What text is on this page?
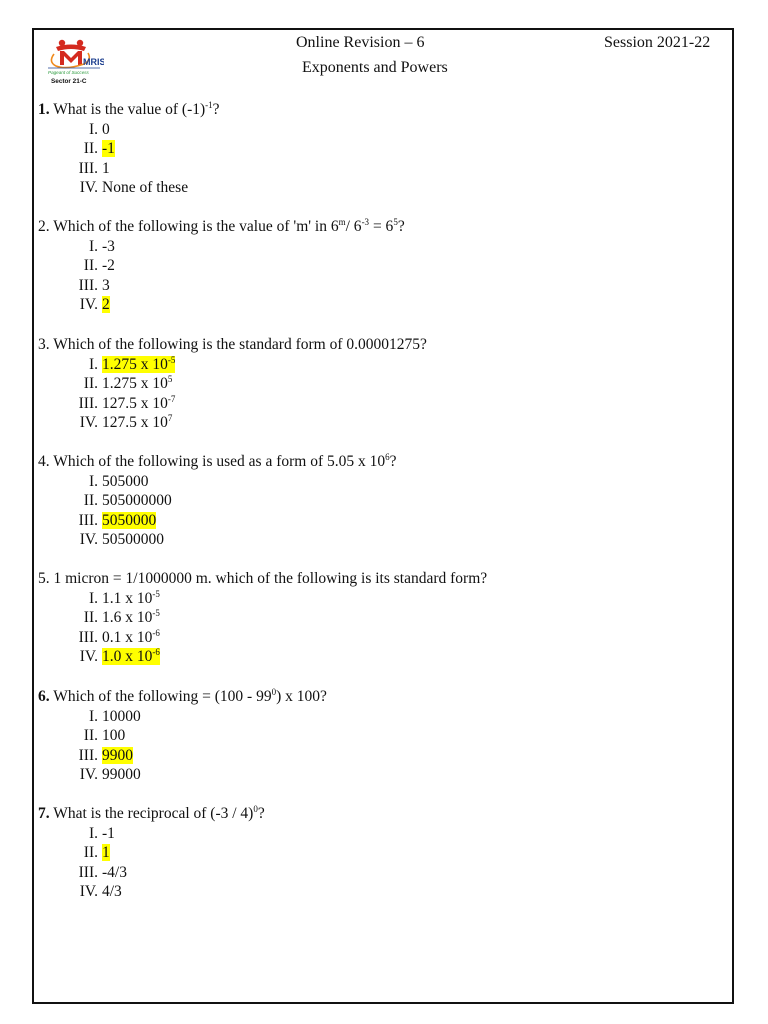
MRIS
Pageant of Success
Sector 21-C
Online Revision – 6
Exponents and Powers
Session 2021-22
1. What is the value of $(-1)^{-1}$?
I. 0
II. -1
III. 1
IV. None of these
2. Which of the following is the value of 'm' in 6$^m$/ $6^{-3} = 6^5$?
I. -3
II. -2
III. 3
IV. 2
3. Which of the following is the standard form of 0.00001275?
I. 1.275 x $10^{-5}$
II. 1.275 x $10^5$
III. 127.5 x $10^{-7}$
IV. 127.5 x $10^7$
4. Which of the following is used as a form of 5.05 x $10^6$?
I. 505000
II. 505000000
III. 5050000
IV. 50500000
5. 1 micron = 1/1000000 m. which of the following is its standard form?
I. 1.1 x $10^{-5}$
II. 1.6 x $10^{-5}$
III. 0.1 x $10^{-6}$
IV. 1.0 x $10^{-6}$
6. Which of the following = $(100 - 99^0)$ x 100?
I. 10000
II. 100
III. 9900
IV. 99000
7. What is the reciprocal of (-3 / 4)$^0$?
I. -1
II. 1
III. -4/3
IV. 4/3
